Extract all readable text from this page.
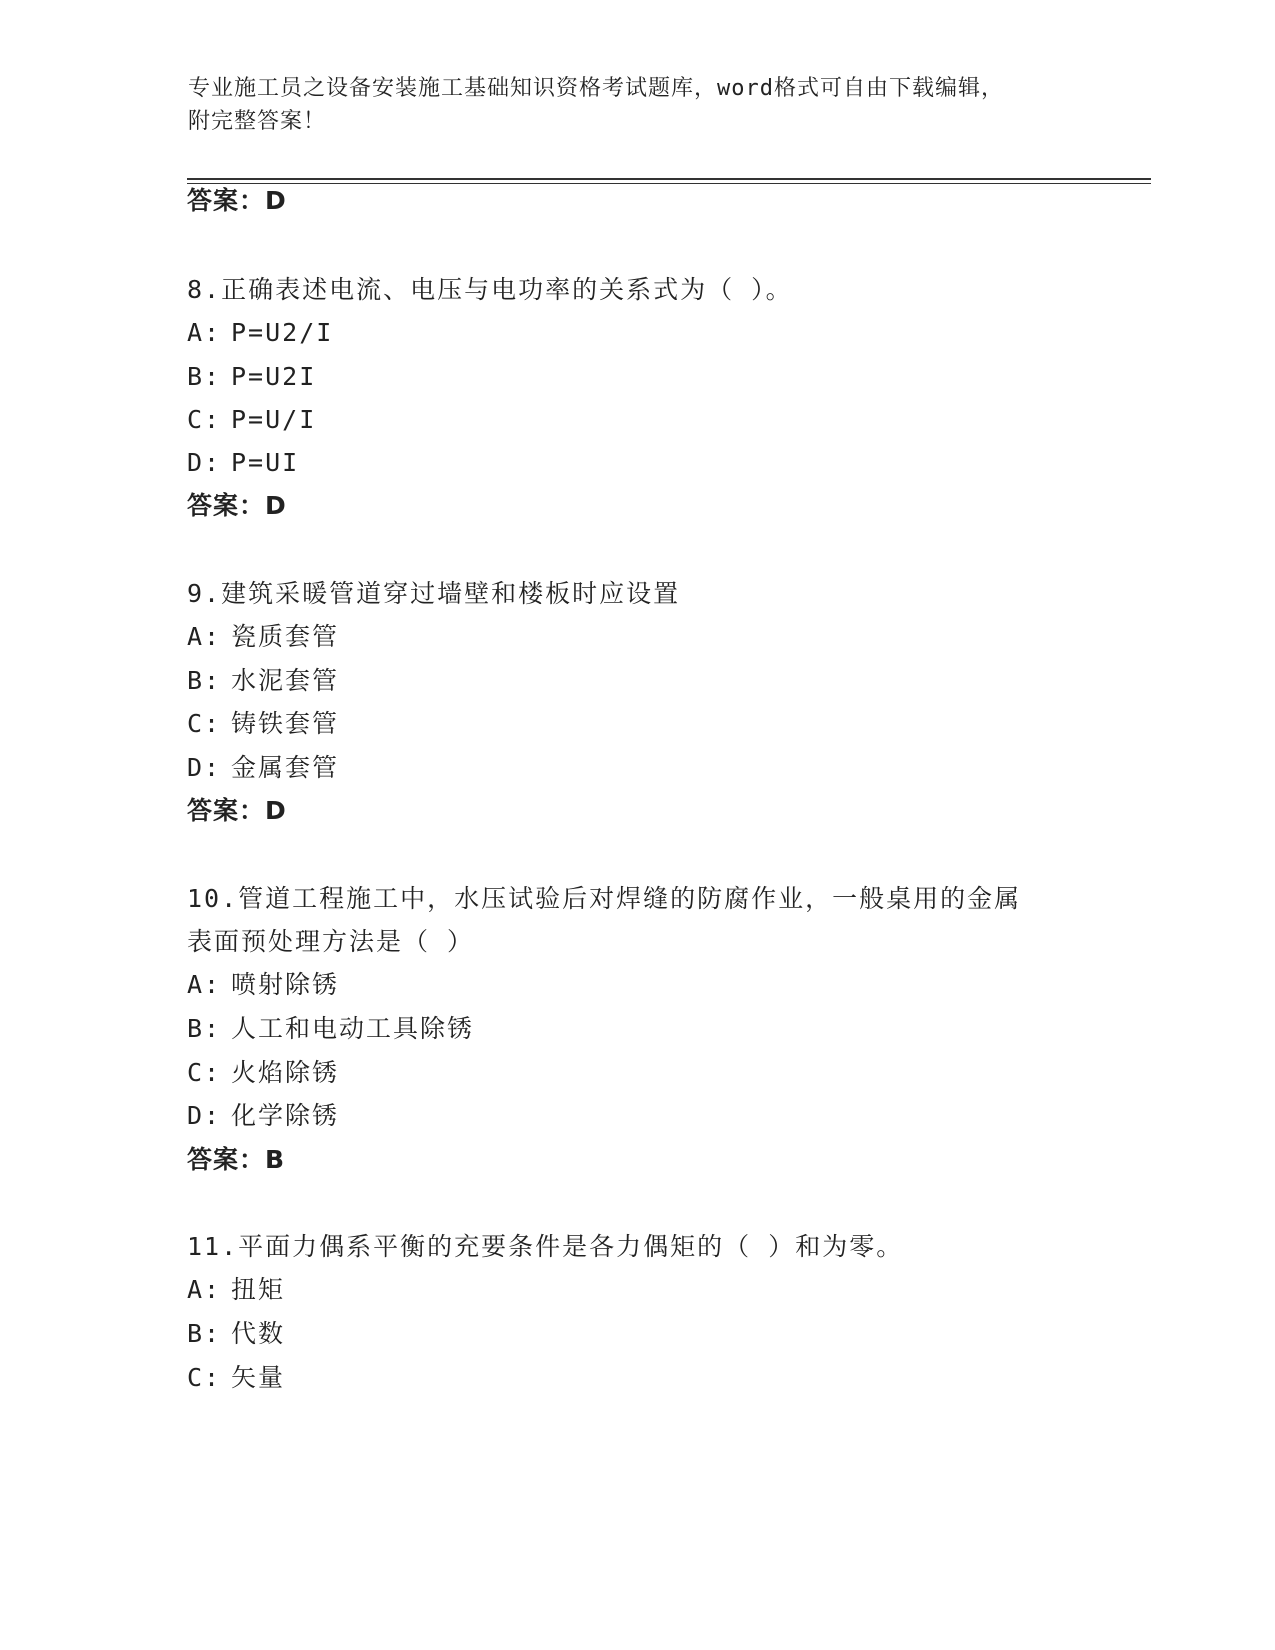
专业施工员之设备安装施工基础知识资格考试题库，word格式可自由下载编辑，
附完整答案！
答案：D
8.正确表述电流、电压与电功率的关系式为（ ）。
A: P=U2/I
B: P=U2I
C: P=U/I
D: P=UI
答案：D
9.建筑采暖管道穿过墙壁和楼板时应设置
A: 瓷质套管
B: 水泥套管
C: 铸铁套管
D: 金属套管
答案：D
10.管道工程施工中，水压试验后对焊缝的防腐作业，一般桌用的金属
表面预处理方法是（ ）
A: 喷射除锈
B: 人工和电动工具除锈
C: 火焰除锈
D: 化学除锈
答案：B
11.平面力偶系平衡的充要条件是各力偶矩的（ ）和为零。
A: 扭矩
B: 代数
C: 矢量
